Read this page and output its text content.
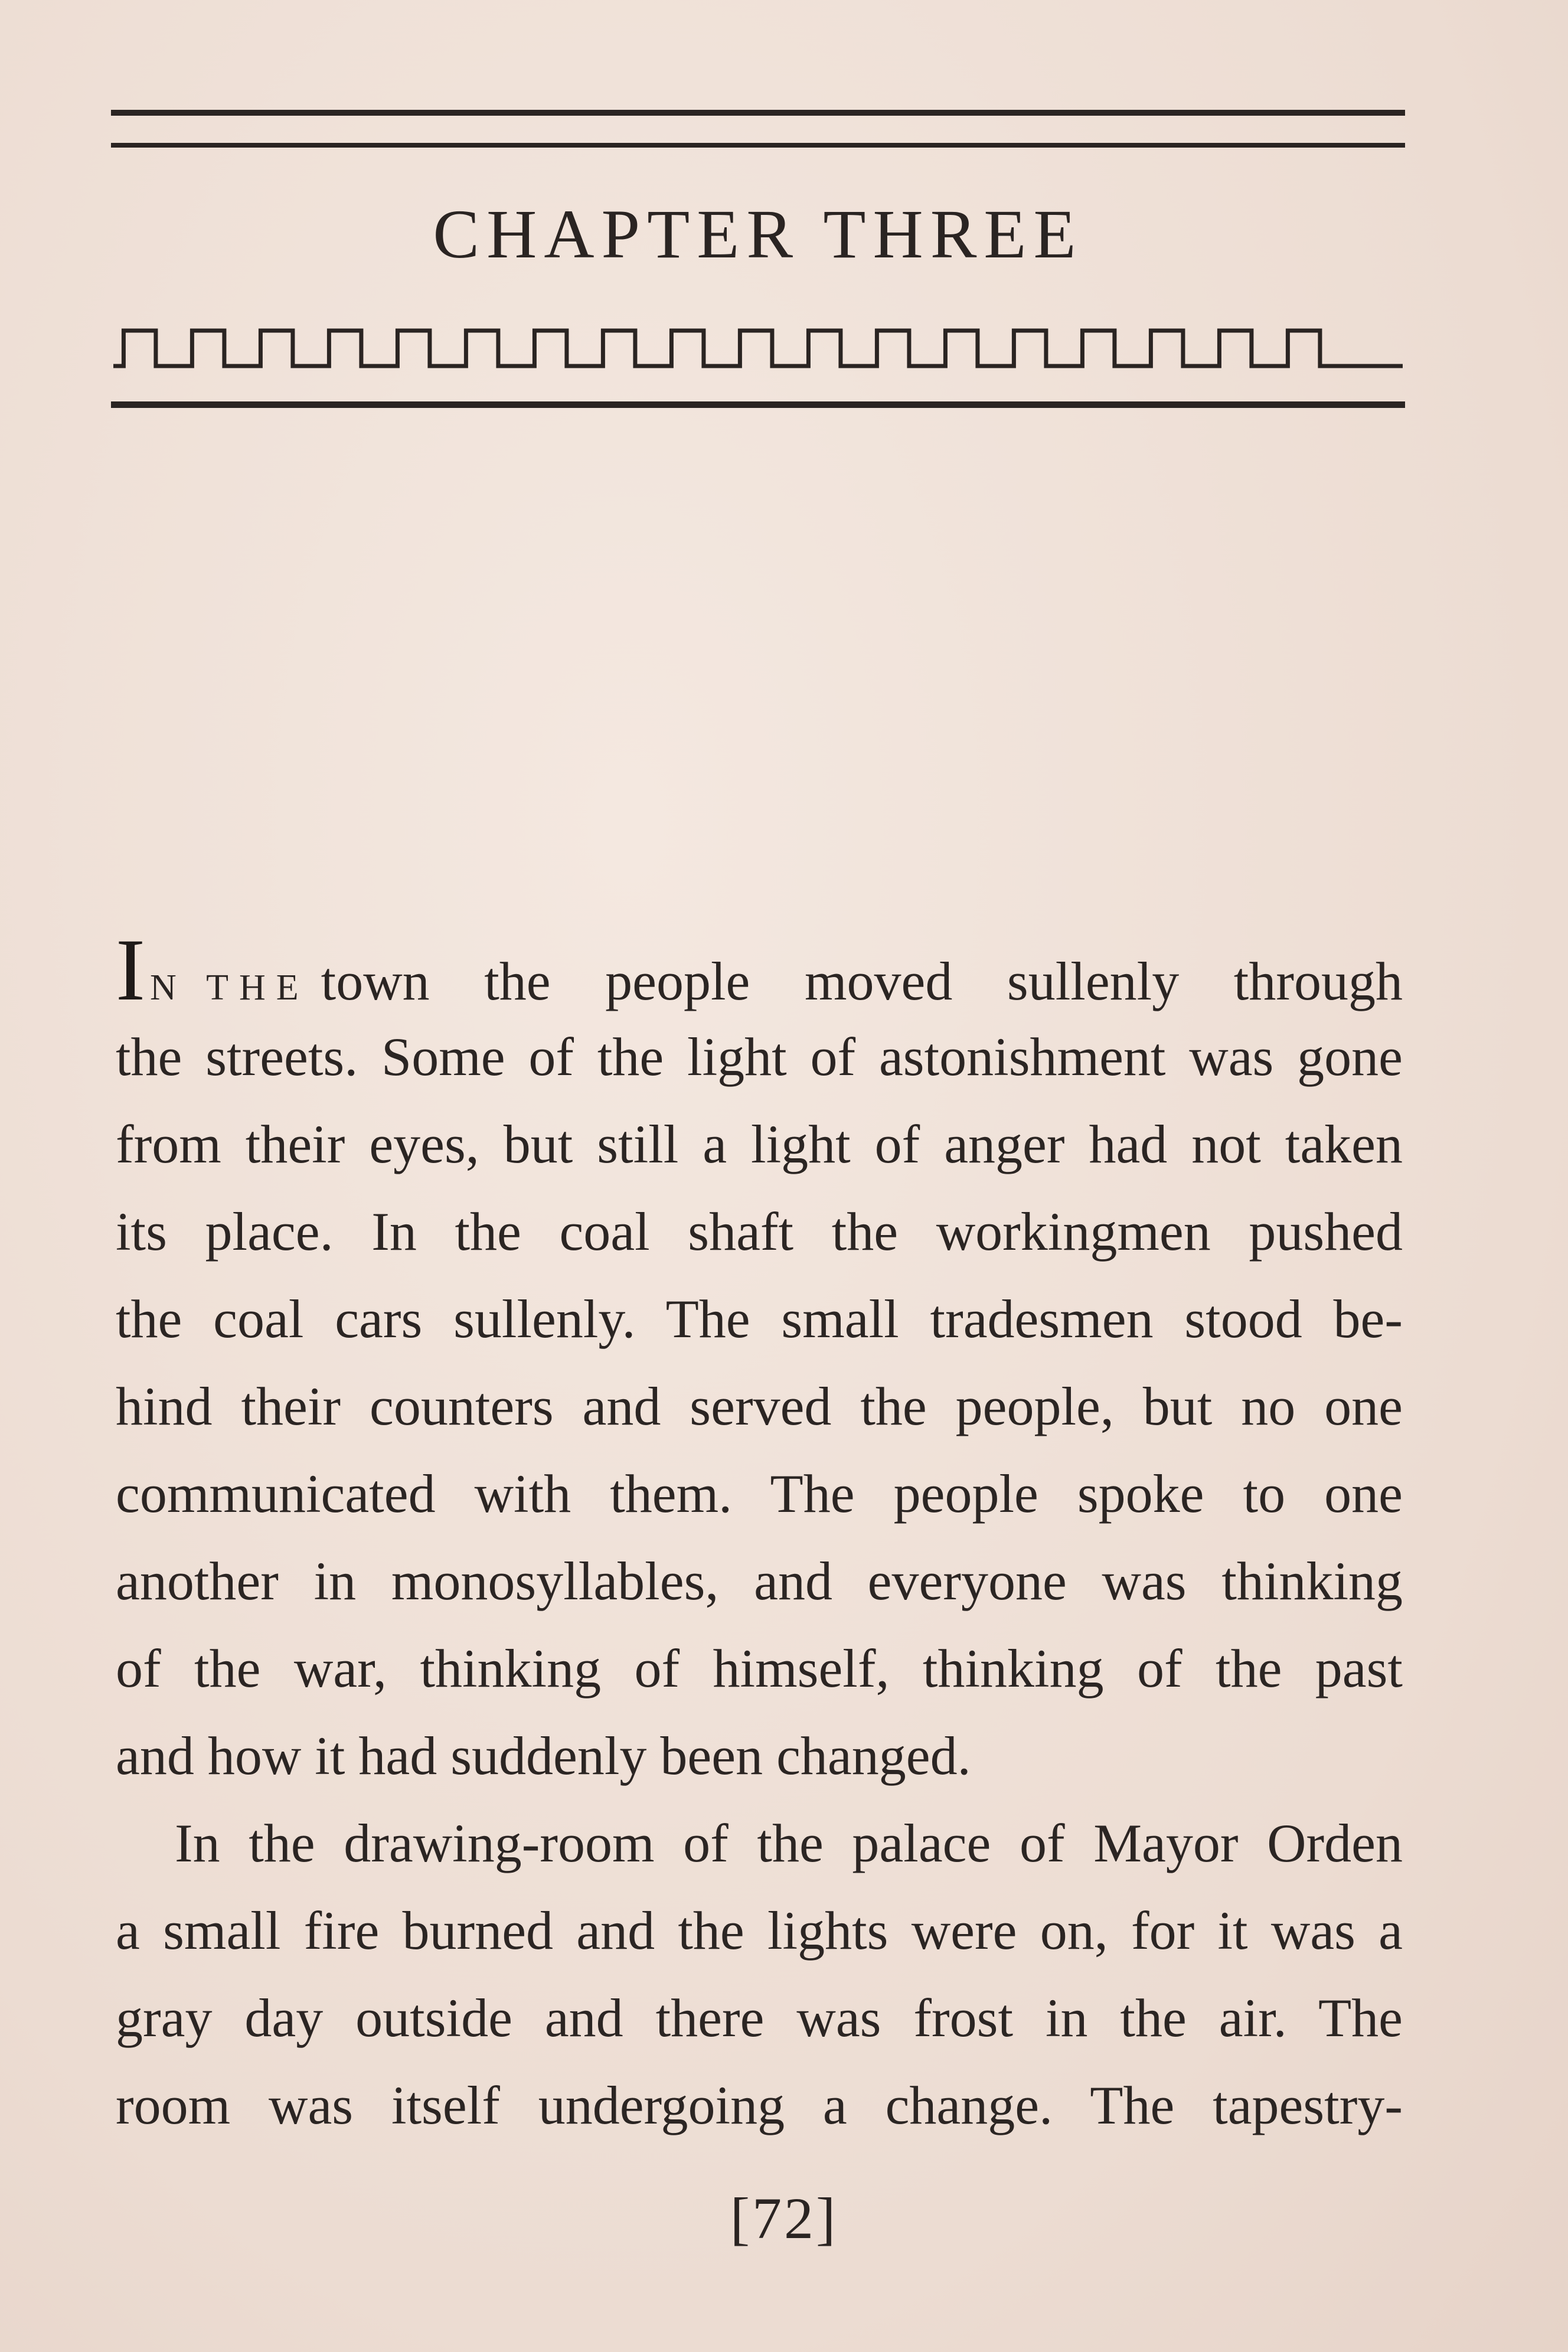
CHAPTER THREE
I N THE town the people moved sullenly through
the streets. Some of the light of astonishment was gone
from their eyes, but still a light of anger had not taken
its place. In the coal shaft the workingmen pushed
the coal cars sullenly. The small tradesmen stood be-
hind their counters and served the people, but no one
communicated with them. The people spoke to one
another in monosyllables, and everyone was thinking
of the war, thinking of himself, thinking of the past
and how it had suddenly been changed.
In the drawing-room of the palace of Mayor Orden
a small fire burned and the lights were on, for it was a
gray day outside and there was frost in the air. The
room was itself undergoing a change. The tapestry-
[72]
